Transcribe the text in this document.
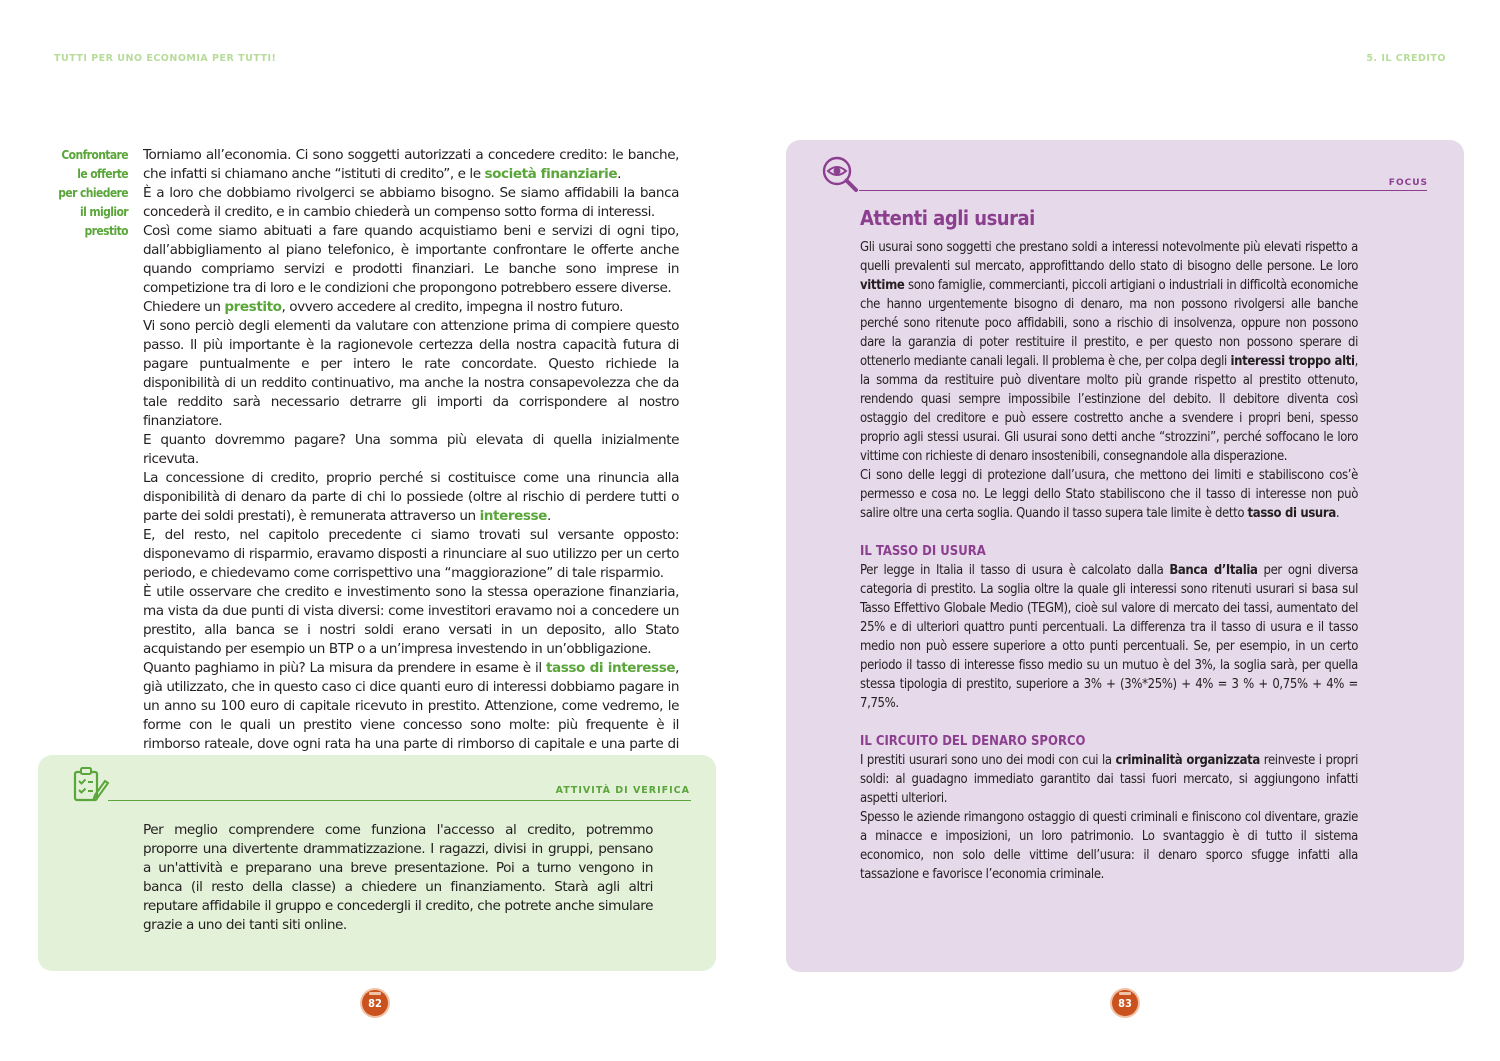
TUTTI PER UNO ECONOMIA PER TUTTI!
Confrontare
le offerte
per chiedere
il miglior
prestito

Torniamo all’economia. Ci sono soggetti autorizzati a concedere credito: le banche, che infatti si chiamano anche “istituti di credito”, e le società finanziarie.

È a loro che dobbiamo rivolgerci se abbiamo bisogno. Se siamo affidabili la banca concederà il credito, e in cambio chiederà un compenso sotto forma di interessi.

Così come siamo abituati a fare quando acquistiamo beni e servizi di ogni tipo, dall’abbigliamento al piano telefonico, è importante confrontare le offerte anche quando compriamo servizi e prodotti finanziari. Le banche sono imprese in competizione tra di loro e le condizioni che propongono potrebbero essere diverse.

Chiedere un prestito, ovvero accedere al credito, impegna il nostro futuro.

Vi sono perciò degli elementi da valutare con attenzione prima di compiere questo passo. Il più importante è la ragionevole certezza della nostra capacità futura di pagare puntualmente e per intero le rate concordate. Questo richiede la disponibilità di un reddito continuativo, ma anche la nostra consapevolezza che da tale reddito sarà necessario detrarre gli importi da corrispondere al nostro finanziatore.

E quanto dovremmo pagare? Una somma più elevata di quella inizialmente ricevuta.

La concessione di credito, proprio perché si costituisce come una rinuncia alla disponibilità di denaro da parte di chi lo possiede (oltre al rischio di perdere tutti o parte dei soldi prestati), è remunerata attraverso un interesse.

E, del resto, nel capitolo precedente ci siamo trovati sul versante opposto: disponevamo di risparmio, eravamo disposti a rinunciare al suo utilizzo per un certo periodo, e chiedevamo come corrispettivo una “maggiorazione” di tale risparmio.

È utile osservare che credito e investimento sono la stessa operazione finanziaria, ma vista da due punti di vista diversi: come investitori eravamo noi a concedere un prestito, alla banca se i nostri soldi erano versati in un deposito, allo Stato acquistando per esempio un BTP o a un’impresa investendo in un’obbligazione.

Quanto paghiamo in più? La misura da prendere in esame è il tasso di interesse, già utilizzato, che in questo caso ci dice quanti euro di interessi dobbiamo pagare in un anno su 100 euro di capitale ricevuto in prestito. Attenzione, come vedremo, le forme con le quali un prestito viene concesso sono molte: più frequente è il rimborso rateale, dove ogni rata ha una parte di rimborso di capitale e una parte di

ATTIVITÀ DI VERIFICA
Per meglio comprendere come funziona l'accesso al credito, potremmo proporre una divertente drammatizzazione. I ragazzi, divisi in gruppi, pensano a un'attività e preparano una breve presentazione. Poi a turno vengono in banca (il resto della classe) a chiedere un finanziamento. Starà agli altri reputare affidabile il gruppo e concedergli il credito, che potrete anche simulare grazie a uno dei tanti siti online.
82
5. IL CREDITO
FOCUS
Attenti agli usurai

Gli usurai sono soggetti che prestano soldi a interessi notevolmente più elevati rispetto a quelli prevalenti sul mercato, approfittando dello stato di bisogno delle persone. Le loro vittime sono famiglie, commercianti, piccoli artigiani o industriali in difficoltà economiche che hanno urgentemente bisogno di denaro, ma non possono rivolgersi alle banche perché sono ritenute poco affidabili, sono a rischio di insolvenza, oppure non possono dare la garanzia di poter restituire il prestito, e per questo non possono sperare di ottenerlo mediante canali legali. Il problema è che, per colpa degli interessi troppo alti, la somma da restituire può diventare molto più grande rispetto al prestito ottenuto, rendendo quasi sempre impossibile l’estinzione del debito. Il debitore diventa così ostaggio del creditore e può essere costretto anche a svendere i propri beni, spesso proprio agli stessi usurai. Gli usurai sono detti anche “strozzini”, perché soffocano le loro vittime con richieste di denaro insostenibili, consegnandole alla disperazione.

Ci sono delle leggi di protezione dall’usura, che mettono dei limiti e stabiliscono cos’è permesso e cosa no. Le leggi dello Stato stabiliscono che il tasso di interesse non può salire oltre una certa soglia. Quando il tasso supera tale limite è detto tasso di usura.

IL TASSO DI USURA

Per legge in Italia il tasso di usura è calcolato dalla Banca d’Italia per ogni diversa categoria di prestito. La soglia oltre la quale gli interessi sono ritenuti usurari si basa sul Tasso Effettivo Globale Medio (TEGM), cioè sul valore di mercato dei tassi, aumentato del 25% e di ulteriori quattro punti percentuali. La differenza tra il tasso di usura e il tasso medio non può essere superiore a otto punti percentuali. Se, per esempio, in un certo periodo il tasso di interesse fisso medio su un mutuo è del 3%, la soglia sarà, per quella stessa tipologia di prestito, superiore a 3% + (3%*25%) + 4% = 3 % + 0,75% + 4% = 7,75%.

IL CIRCUITO DEL DENARO SPORCO

I prestiti usurari sono uno dei modi con cui la criminalità organizzata reinveste i propri soldi: al guadagno immediato garantito dai tassi fuori mercato, si aggiungono infatti aspetti ulteriori.

Spesso le aziende rimangono ostaggio di questi criminali e finiscono col diventare, grazie a minacce e imposizioni, un loro patrimonio. Lo svantaggio è di tutto il sistema economico, non solo delle vittime dell’usura: il denaro sporco sfugge infatti alla tassazione e favorisce l’economia criminale.

83
